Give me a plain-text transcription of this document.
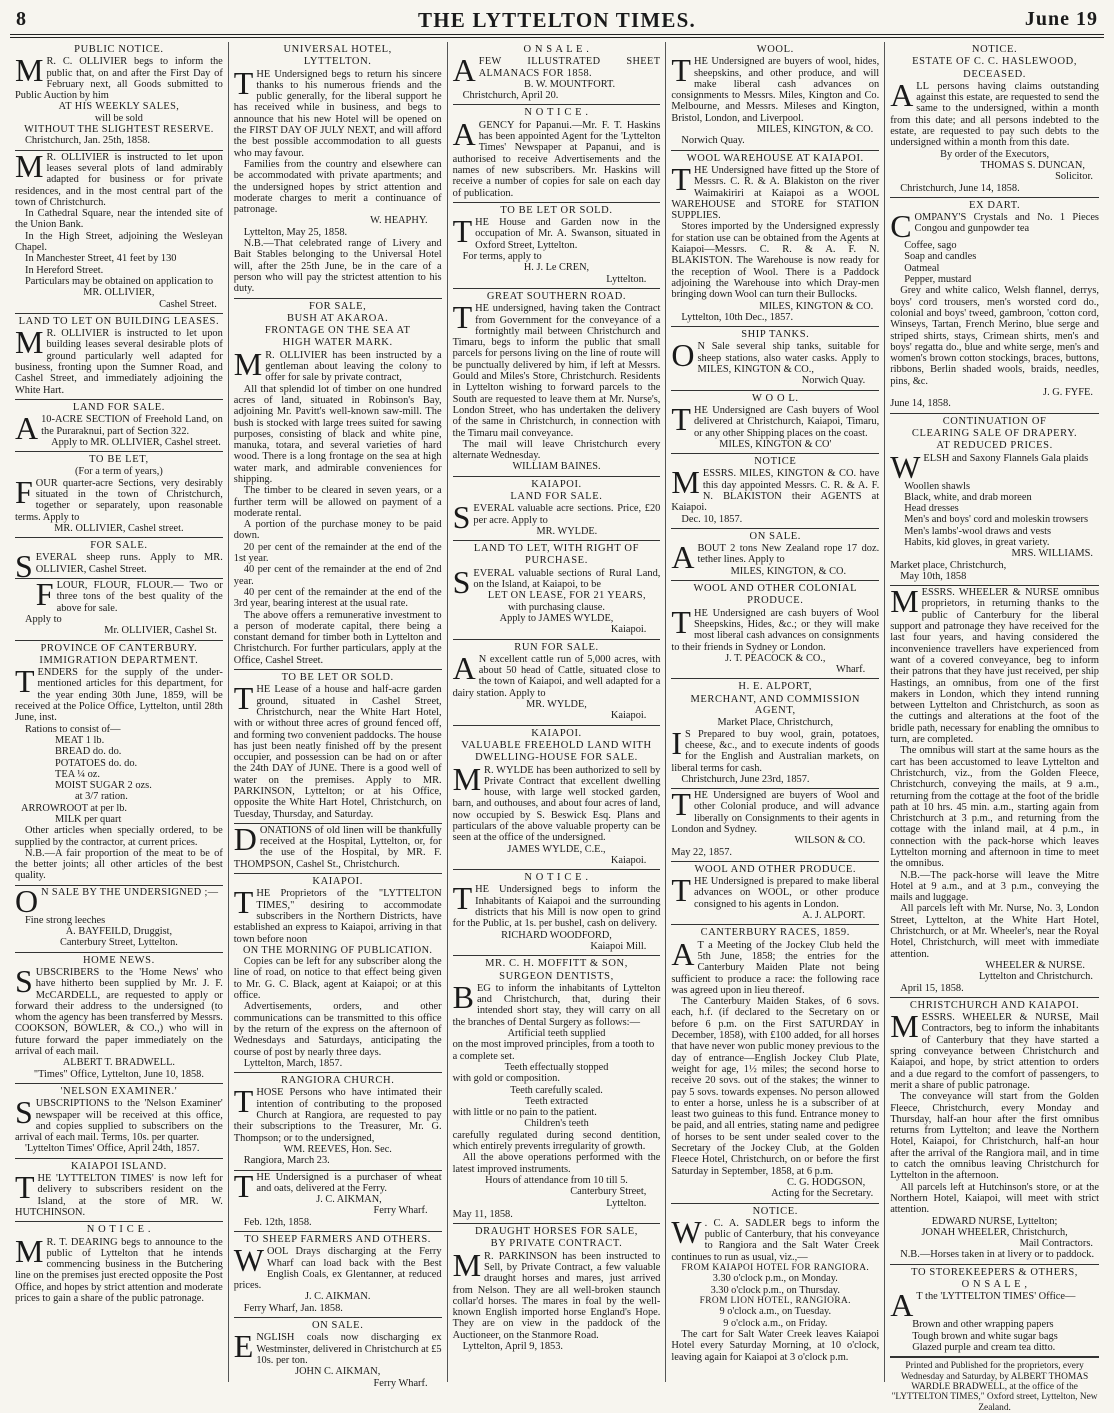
8	THE LYTTELTON TIMES.	June 19
PUBLIC NOTICE.

M R. C. OLLIVIER begs to inform the public that, on and after the First Day of February next, all Goods submitted to Public Auction by him

AT HIS WEEKLY SALES,
will be sold
WITHOUT THE SLIGHTEST RESERVE.

Christchurch, Jan. 25th, 1858.

M R. OLLIVIER is instructed to let upon leases several plots of land admirably adapted for business or for private residences, and in the most central part of the town of Christchurch.

In Cathedral Square, near the intended site of the Union Bank.

In the High Street, adjoining the Wesleyan Chapel.

In Manchester Street, 41 feet by 130

In Hereford Street.

Particulars may be obtained on application to

MR. OLLIVIER,

Cashel Street.

LAND TO LET ON BUILDING LEASES.

M R. OLLIVIER is instructed to let upon building leases several desirable plots of ground particularly well adapted for business, fronting upon the Sumner Road, and Cashel Street, and immediately adjoining the White Hart.

LAND FOR SALE.

A 10-ACRE SECTION of Freehold Land, on the Puraraknui, part of Section 322.

Apply to MR. OLLIVIER, Cashel street.

TO BE LET,
(For a term of years,)

FOUR quarter-acre Sections, very desirably situated in the town of Christchurch, together or separately, upon reasonable terms. Apply to

MR. OLLIVIER, Cashel street.
FOR SALE.

SEVERAL sheep runs. Apply to MR. OLLIVIER, Cashel Street.

FLOUR, FLOUR, FLOUR.— Two or three tons of the best quality of the above for sale.

Apply to

Mr. OLLIVIER, Cashel St.

PROVINCE OF CANTERBURY.
IMMIGRATION DEPARTMENT.

TENDERS for the supply of the under-mentioned articles for this department, for the year ending 30th June, 1859, will be received at the Police Office, Lyttelton, until 28th June, inst.

Rations to consist of—

MEAT 1 lb.
BREAD do. do.
POTATOES do. do.
TEA ¼ oz.
MOIST SUGAR 2 ozs.
at 3/7 ration.
ARROWROOT at per lb.
MILK per quart

Other articles when specially ordered, to be supplied by the contractor, at current prices.

N.B.—A fair proportion of the meat to be of the better joints; all other articles of the best quality.

O N SALE BY THE UNDERSIGNED ;—

Fine strong leeches

A. BAYFEILD, Druggist,
Canterbury Street, Lyttelton.
HOME NEWS.

SUBSCRIBERS to the 'Home News' who have hitherto been supplied by Mr. J. F. McCARDELL, are requested to apply or forward their address to the undersigned (to whom the agency has been transferred by Messrs. COOKSON, BOWLER, & CO.,) who will in future forward the paper immediately on the arrival of each mail.

ALBERT T. BRADWELL.
"Times" Office, Lyttelton, June 10, 1858.
'NELSON EXAMINER.'

SUBSCRIPTIONS to the 'Nelson Examiner' newspaper will be received at this office, and copies supplied to subscribers on the arrival of each mail. Terms, 10s. per quarter.

'Lyttelton Times' Office, April 24th, 1857.

KAIAPOI ISLAND.

THE 'LYTTELTON TIMES' is now left for delivery to subscribers resident on the Island, at the store of MR. W. HUTCHINSON.

N O T I C E .

M R. T. DEARING begs to announce to the public of Lyttelton that he intends commencing business in the Butchering line on the premises just erected opposite the Post Office, and hopes by strict attention and moderate prices to gain a share of the public patronage.

UNIVERSAL HOTEL,
LYTTELTON.

THE Undersigned begs to return his sincere thanks to his numerous friends and the public generally, for the liberal support he has received while in business, and begs to announce that his new Hotel will be opened on the FIRST DAY OF JULY NEXT, and will afford the best possible accommodation to all guests who may favour.

Families from the country and elsewhere can be accommodated with private apartments; and the undersigned hopes by strict attention and moderate charges to merit a continuance of patronage.

W. HEAPHY.

Lyttelton, May 25, 1858.

N.B.—That celebrated range of Livery and Bait Stables belonging to the Universal Hotel will, after the 25th June, be in the care of a person who will pay the strictest attention to his duty.

FOR SALE,
BUSH AT AKAROA.
FRONTAGE ON THE SEA AT
HIGH WATER MARK.

M R. OLLIVIER has been instructed by a gentleman about leaving the colony to offer for sale by private contract,

All that splendid lot of timber on one hundred acres of land, situated in Robinson's Bay, adjoining Mr. Pavitt's well-known saw-mill. The bush is stocked with large trees suited for sawing purposes, consisting of black and white pine, manuka, totara, and several varieties of hard wood. There is a long frontage on the sea at high water mark, and admirable conveniences for shipping.

The timber to be cleared in seven years, or a further term will be allowed on payment of a moderate rental.

A portion of the purchase money to be paid down.

20 per cent of the remainder at the end of the 1st year.

40 per cent of the remainder at the end of 2nd year.

40 per cent of the remainder at the end of the 3rd year, bearing interest at the usual rate.

The above offers a remunerative investment to a person of moderate capital, there being a constant demand for timber both in Lyttelton and Christchurch. For further particulars, apply at the Office, Cashel Street.

TO BE LET OR SOLD.

THE Lease of a house and half-acre garden ground, situated in Cashel Street, Christchurch, near the White Hart Hotel, with or without three acres of ground fenced off, and forming two convenient paddocks. The house has just been neatly finished off by the present occupier, and possession can be had on or after the 24th DAY of JUNE. There is a good well of water on the premises. Apply to MR. PARKINSON, Lyttelton; or at his Office, opposite the White Hart Hotel, Christchurch, on Tuesday, Thursday, and Saturday.

DONATIONS of old linen will be thankfully received at the Hospital, Lyttelton, or, for the use of the Hospital, by MR. F. THOMPSON, Cashel St., Christchurch.

KAIAPOI.

THE Proprietors of the "LYTTELTON TIMES," desiring to accommodate subscribers in the Northern Districts, have established an express to Kaiapoi, arriving in that town before noon

ON THE MORNING OF PUBLICATION.

Copies can be left for any subscriber along the line of road, on notice to that effect being given to Mr. G. C. Black, agent at Kaiapoi; or at this office.

Advertisements, orders, and other communications can be transmitted to this office by the return of the express on the afternoon of Wednesdays and Saturdays, anticipating the course of post by nearly three days.

Lyttelton, March, 1857.

RANGIORA CHURCH.

THOSE Persons who have intimated their intention of contributing to the proposed Church at Rangiora, are requested to pay their subscriptions to the Treasurer, Mr. G. Thompson; or to the undersigned,

WM. REEVES, Hon. Sec.

Rangiora, March 23.

THE Undersigned is a purchaser of wheat and oats, delivered at the Ferry.

J. C. AIKMAN,

Ferry Wharf.

Feb. 12th, 1858.

TO SHEEP FARMERS AND OTHERS.

WOOL Drays discharging at the Ferry Wharf can load back with the Best English Coals, ex Glentanner, at reduced prices.

J. C. AIKMAN.

Ferry Wharf, Jan. 1858.

ON SALE.

ENGLISH coals now discharging ex Westminster, delivered in Christchurch at £5 10s. per ton.

JOHN C. AIKMAN,

Ferry Wharf.

O N S A L E .

AFEW ILLUSTRATED SHEET ALMANACS FOR 1858.

B. W. MOUNTFORT.

Christchurch, April 20.

N O T I C E .

AGENCY for Papanui.—Mr. F. T. Haskins has been appointed Agent for the 'Lyttelton Times' Newspaper at Papanui, and is authorised to receive Advertisements and the names of new subscribers. Mr. Haskins will receive a number of copies for sale on each day of publication.

TO BE LET OR SOLD.

THE House and Garden now in the occupation of Mr. A. Swanson, situated in Oxford Street, Lyttelton.

For terms, apply to

H. J. Le CREN,

Lyttelton.

GREAT SOUTHERN ROAD.

THE undersigned, having taken the Contract from Government for the conveyance of a fortnightly mail between Christchurch and Timaru, begs to inform the public that small parcels for persons living on the line of route will be punctually delivered by him, if left at Messrs. Gould and Miles's Store, Christchurch. Residents in Lyttelton wishing to forward parcels to the South are requested to leave them at Mr. Nurse's, London Street, who has undertaken the delivery of the same in Christchurch, in connection with the Timaru mail conveyance.

The mail will leave Christchurch every alternate Wednesday.

WILLIAM BAINES.
KAIAPOI.
LAND FOR SALE.

SEVERAL valuable acre sections. Price, £20 per acre. Apply to

MR. WYLDE.
LAND TO LET, WITH RIGHT OF
PURCHASE.

SEVERAL valuable sections of Rural Land, on the Island, at Kaiapoi, to be

LET ON LEASE, FOR 21 YEARS,
with purchasing clause.
Apply to JAMES WYLDE,

Kaiapoi.

RUN FOR SALE.

A N excellent cattle run of 5,000 acres, with about 50 head of Cattle, situated close to the town of Kaiapoi, and well adapted for a dairy station. Apply to

MR. WYLDE,

Kaiapoi.

KAIAPOI.
VALUABLE FREEHOLD LAND WITH
DWELLING-HOUSE FOR SALE.

M R. WYLDE has been authorized to sell by Private Contract that excellent dwelling house, with large well stocked garden, barn, and outhouses, and about four acres of land, now occupied by S. Beswick Esq. Plans and particulars of the above valuable property can be seen at the office of the undersigned.

JAMES WYLDE, C.E.,

Kaiapoi.

N O T I C E .

THE Undersigned begs to inform the Inhabitants of Kaiapoi and the surrounding districts that his Mill is now open to grind for the Public, at 1s. per bushel, cash on delivery.

RICHARD WOODFORD,

Kaiapoi Mill.

MR. C. H. MOFFITT & SON,
SURGEON DENTISTS,

BEG to inform the inhabitants of Lyttelton and Christchurch, that, during their intended short stay, they will carry on all the branches of Dental Surgery as follows:—

Artificial teeth supplied

on the most improved principles, from a tooth to a complete set.

Teeth effectually stopped

with gold or composition.

Teeth carefully scaled.
Teeth extracted

with little or no pain to the patient.

Children's teeth

carefully regulated during second dentition, which entirely prevents irregularity of growth.

All the above operations performed with the latest improved instruments.

Hours of attendance from 10 till 5.

Canterbury Street,

Lyttelton.

May 11, 1858.

DRAUGHT HORSES FOR SALE,
BY PRIVATE CONTRACT.

M R. PARKINSON has been instructed to Sell, by Private Contract, a few valuable draught horses and mares, just arrived from Nelson. They are all well-broken staunch collar'd horses. The mares in foal by the well-known English imported horse England's Hope. They are on view in the paddock of the Auctioneer, on the Stanmore Road.

Lyttelton, April 9, 1853.

WOOL.

THE Undersigned are buyers of wool, hides, sheepskins, and other produce, and will make liberal cash advances on consignments to Messrs. Miles, Kington and Co. Melbourne, and Messrs. Mileses and Kington, Bristol, London, and Liverpool.

MILES, KINGTON, & CO.

Norwich Quay.

WOOL WAREHOUSE AT KAIAPOI.

THE Undersigned have fitted up the Store of Messrs. C. R. & A. Blakiston on the river Waimakiriri at Kaiapoi as a WOOL WAREHOUSE and STORE for STATION SUPPLIES.

Stores imported by the Undersigned expressly for station use can be obtained from the Agents at Kaiapoi—Messrs. C. R. & A. F. N. BLAKISTON. The Warehouse is now ready for the reception of Wool. There is a Paddock adjoining the Warehouse into which Dray-men bringing down Wool can turn their Bullocks.

MILES, KINGTON & CO.

Lyttelton, 10th Dec., 1857.

SHIP TANKS.

O N Sale several ship tanks, suitable for sheep stations, also water casks. Apply to MILES, KINGTON & CO.,

Norwich Quay.

W O O L.

THE Undersigned are Cash buyers of Wool delivered at Christchurch, Kaiapoi, Timaru, or any other Shipping places on the coast.

MILES, KINGTON & CO'
NOTICE

MESSRS. MILES, KINGTON & CO. have this day appointed Messrs. C. R. & A. F. N. BLAKISTON their AGENTS at Kaiapoi.

Dec. 10, 1857.

ON SALE.

ABOUT 2 tons New Zealand rope 17 doz. tether lines. Apply to

MILES, KINGTON, & CO.
WOOL AND OTHER COLONIAL
PRODUCE.

THE Undersigned are cash buyers of Wool Sheepskins, Hides, &c.; or they will make most liberal cash advances on consignments to their friends in Sydney or London.

J. T. PEACOCK & CO.,

Wharf.

H. E. ALPORT,
MERCHANT, AND COMMISSION AGENT,
Market Place, Christchurch,

I S Prepared to buy wool, grain, potatoes, cheese, &c., and to execute indents of goods for the English and Australian markets, on liberal terms for cash.

Christchurch, June 23rd, 1857.

THE Undersigned are buyers of Wool and other Colonial produce, and will advance liberally on Consignments to their agents in London and Sydney.

WILSON & CO.

May 22, 1857.

WOOL AND OTHER PRODUCE.

THE Undersigned is prepared to make liberal advances on WOOL, or other produce consigned to his agents in London.

A. J. ALPORT.

CANTERBURY RACES, 1859.

A T a Meeting of the Jockey Club held the 5th June, 1858; the entries for the Canterbury Maiden Plate not being sufficient to produce a race: the following race was agreed upon in lieu thereof.

The Canterbury Maiden Stakes, of 6 sovs. each, h.f. (if declared to the Secretary on or before 6 p.m. on the First SATURDAY in December, 1858), with £100 added, for all horses that have never won public money previous to the day of entrance—English Jockey Club Plate, weight for age, 1½ miles; the second horse to receive 20 sovs. out of the stakes; the winner to pay 5 sovs. towards expenses. No person allowed to enter a horse, unless he is a subscriber of at least two guineas to this fund. Entrance money to be paid, and all entries, stating name and pedigree of horses to be sent under sealed cover to the Secretary of the Jockey Club, at the Golden Fleece Hotel, Christchurch, on or before the first Saturday in September, 1858, at 6 p.m.

C. G. HODGSON,

Acting for the Secretary.

NOTICE.

W . C. A. SADLER begs to inform the public of Canterbury, that his conveyance to Rangiora and the Salt Water Creek continues to run as usual, viz.,—

FROM KAIAPOI HOTEL FOR RANGIORA.
3.30 o'clock p.m., on Monday.
3.30 o'clock p.m., on Thursday.
FROM LION HOTEL, RANGIORA.
9 o'clock a.m., on Tuesday.
9 o'clock a.m., on Friday.

The cart for Salt Water Creek leaves Kaiapoi Hotel every Saturday Morning, at 10 o'clock, leaving again for Kaiapoi at 3 o'clock p.m.

NOTICE.
ESTATE OF C. C. HASLEWOOD,
DECEASED.

ALL persons having claims outstanding against this estate, are requested to send the same to the undersigned, within a month from this date; and all persons indebted to the estate, are requested to pay such debts to the undersigned within a month from this date.

By order of the Executors,

THOMAS S. DUNCAN,

Solicitor.

Christchurch, June 14, 1858.

EX DART.

COMPANY'S Crystals and No. 1 Pieces Congou and gunpowder tea

Coffee, sago
Soap and candles
Oatmeal
Pepper, mustard

Grey and white calico, Welsh flannel, derrys, boys' cord trousers, men's worsted cord do., colonial and boys' tweed, gambroon, 'cotton cord, Winseys, Tartan, French Merino, blue serge and striped shirts, stays, Crimean shirts, men's and boys' regatta do., blue and white serge, men's and women's brown cotton stockings, braces, buttons, ribbons, Berlin shaded wools, braids, needles, pins, &c.

J. G. FYFE.

June 14, 1858.

CONTINUATION OF
CLEARING SALE OF DRAPERY.
AT REDUCED PRICES.

WELSH and Saxony Flannels Gala plaids

Woollen shawls
Black, white, and drab moreen
Head dresses
Men's and boys' cord and moleskin trowsers
Men's lambs'-wool draws and vests
Habits, kid gloves, in great variety.

MRS. WILLIAMS.

Market place, Christchurch,

May 10th, 1858

MESSRS. WHEELER & NURSE omnibus proprietors, in returning thanks to the public of Canterbury for the liberal support and patronage they have received for the last four years, and having considered the inconvenience travellers have experienced from want of a covered conveyance, beg to inform their patrons that they have just received, per ship Hastings, an omnibus, from one of the first makers in London, which they intend running between Lyttelton and Christchurch, as soon as the cuttings and alterations at the foot of the bridle path, necessary for enabling the omnibus to turn, are completed.

The omnibus will start at the same hours as the cart has been accustomed to leave Lyttelton and Christchurch, viz., from the Golden Fleece, Christchurch, conveying the mails, at 9 a.m., returning from the cottage at the foot of the bridle path at 10 hrs. 45 min. a.m., starting again from Christchurch at 3 p.m., and returning from the cottage with the inland mail, at 4 p.m., in connection with the pack-horse which leaves Lyttelton morning and afternoon in time to meet the omnibus.

N.B.—The pack-horse will leave the Mitre Hotel at 9 a.m., and at 3 p.m., conveying the mails and luggage.

All parcels left with Mr. Nurse, No. 3, London Street, Lyttelton, at the White Hart Hotel, Christchurch, or at Mr. Wheeler's, near the Royal Hotel, Christchurch, will meet with immediate attention.

WHEELER & NURSE.

Lyttelton and Christchurch.

April 15, 1858.

CHRISTCHURCH AND KAIAPOI.

MESSRS. WHEELER & NURSE, Mail Contractors, beg to inform the inhabitants of Canterbury that they have started a spring conveyance between Christchurch and Kaiapoi, and hope, by strict attention to orders and a due regard to the comfort of passengers, to merit a share of public patronage.

The conveyance will start from the Golden Fleece, Christchurch, every Monday and Thursday, half-an hour after the first omnibus returns from Lyttelton; and leave the Northern Hotel, Kaiapoi, for Christchurch, half-an hour after the arrival of the Rangiora mail, and in time to catch the omnibus leaving Christchurch for Lyttelton in the afternoon.

All parcels left at Hutchinson's store, or at the Northern Hotel, Kaiapoi, will meet with strict attention.

EDWARD NURSE, Lyttelton;
JONAH WHEELER, Christchurch,

Mail Contractors.

N.B.—Horses taken in at livery or to paddock.

TO STOREKEEPERS & OTHERS,
O N S A L E ,

A T the 'LYTTELTON TIMES' Office—

Brown and other wrapping papers
Tough brown and white sugar bags
Glazed purple and cream tea ditto.

Printed and Published for the proprietors, every Wednesday and Saturday, by ALBERT THOMAS WARDLE BRADWELL, at the office of the "LYTTELTON TIMES," Oxford street, Lyttelton, New Zealand.
